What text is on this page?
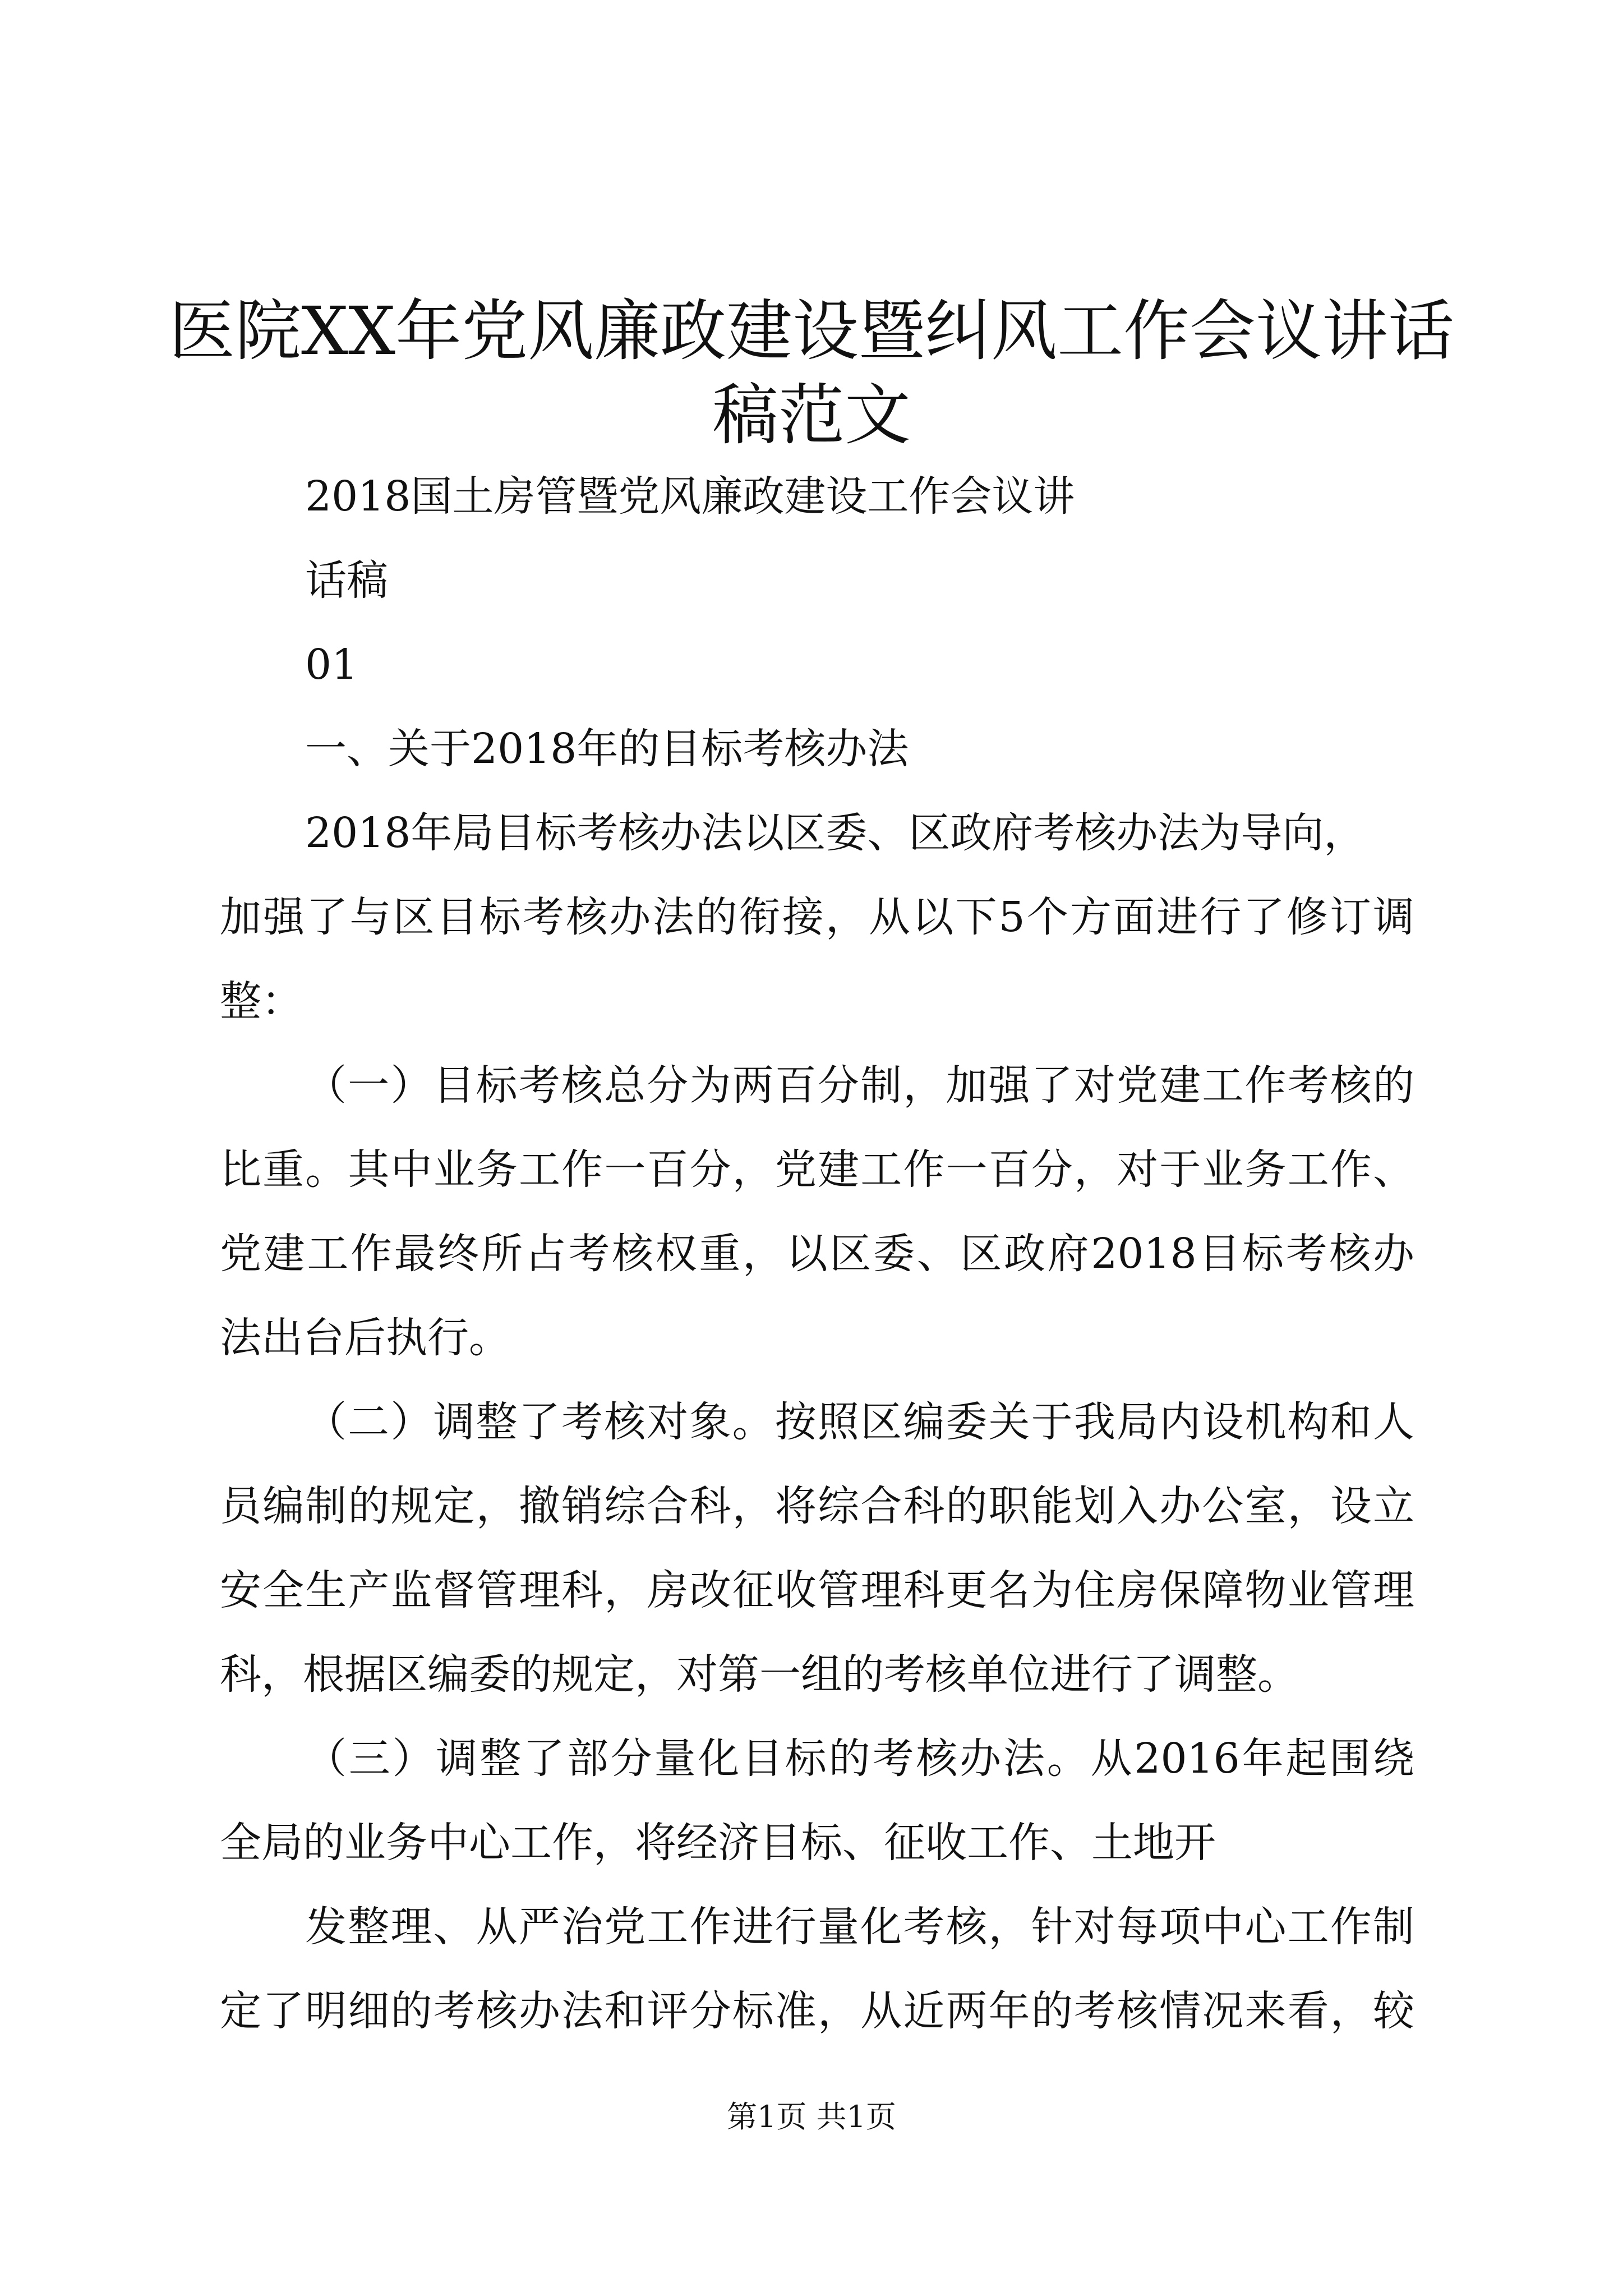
医院XX年党风廉政建设暨纠风工作会议讲话
稿范文

2018国土房管暨党风廉政建设工作会议讲

话稿

01

一、关于2018年的目标考核办法

2018年局目标考核办法以区委、区政府考核办法为导向，

加强了与区目标考核办法的衔接，从以下5个方面进行了修订调

整：

（一）目标考核总分为两百分制，加强了对党建工作考核的

比重。其中业务工作一百分，党建工作一百分，对于业务工作、

党建工作最终所占考核权重，以区委、区政府2018目标考核办

法出台后执行。

（二）调整了考核对象。按照区编委关于我局内设机构和人

员编制的规定，撤销综合科，将综合科的职能划入办公室，设立

安全生产监督管理科，房改征收管理科更名为住房保障物业管理

科，根据区编委的规定，对第一组的考核单位进行了调整。

（三）调整了部分量化目标的考核办法。从2016年起围绕

全局的业务中心工作，将经济目标、征收工作、土地开

发整理、从严治党工作进行量化考核，针对每项中心工作制

定了明细的考核办法和评分标准，从近两年的考核情况来看，较

第1页 共1页
